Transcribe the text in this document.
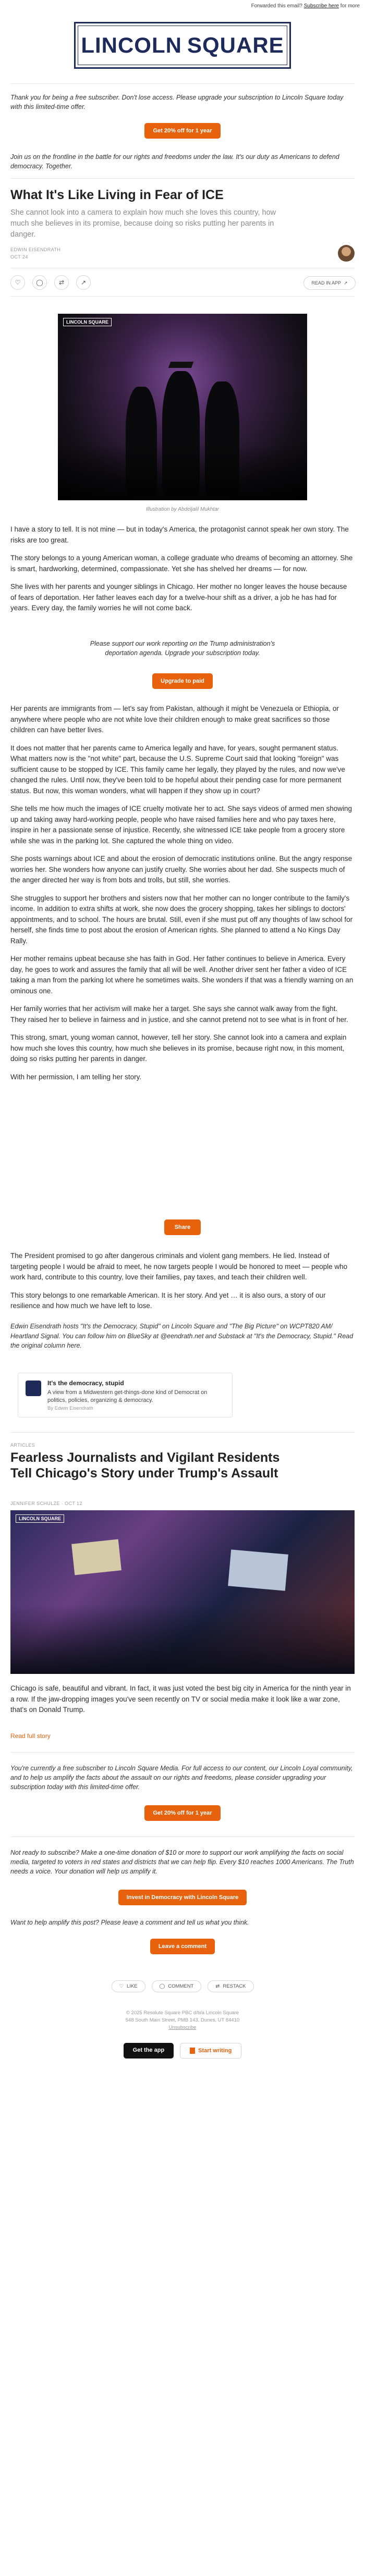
Forwarded this email? Subscribe here for more
LINCOLN SQUARE
Thank you for being a free subscriber. Don't lose access. Please upgrade your subscription to Lincoln Square today with this limited-time offer.
Get 20% off for 1 year
Join us on the frontline in the battle for our rights and freedoms under the law. It's our duty as Americans to defend democracy. Together.
What It's Like Living in Fear of ICE
She cannot look into a camera to explain how much she loves this country, how much she believes in its promise, because doing so risks putting her parents in danger.
EDWIN EISENDRATH
OCT 24
♡	◯	⇄	↗	READ IN APP ↗
LINCOLN SQUARE
Illustration by Abdeljalil Mukhtar

I have a story to tell. It is not mine — but in today's America, the protagonist cannot speak her own story. The risks are too great.

The story belongs to a young American woman, a college graduate who dreams of becoming an attorney. She is smart, hardworking, determined, compassionate. Yet she has shelved her dreams — for now.

She lives with her parents and younger siblings in Chicago. Her mother no longer leaves the house because of fears of deportation. Her father leaves each day for a twelve-hour shift as a driver, a job he has had for years. Every day, the family worries he will not come back.

Please support our work reporting on the Trump administration's deportation agenda. Upgrade your subscription today.
Upgrade to paid

Her parents are immigrants from — let's say from Pakistan, although it might be Venezuela or Ethiopia, or anywhere where people who are not white love their children enough to make great sacrifices so those children can have better lives.

It does not matter that her parents came to America legally and have, for years, sought permanent status. What matters now is the "not white" part, because the U.S. Supreme Court said that looking "foreign" was sufficient cause to be stopped by ICE. This family came her legally, they played by the rules, and now we've changed the rules. Until now, they've been told to be hopeful about their pending case for more permanent status. But now, this woman wonders, what will happen if they show up in court?

She tells me how much the images of ICE cruelty motivate her to act. She says videos of armed men showing up and taking away hard-working people, people who have raised families here and who pay taxes here, inspire in her a passionate sense of injustice. Recently, she witnessed ICE take people from a grocery store while she was in the parking lot. She captured the whole thing on video.

She posts warnings about ICE and about the erosion of democratic institutions online. But the angry response worries her. She wonders how anyone can justify cruelty. She worries about her dad. She suspects much of the anger directed her way is from bots and trolls, but still, she worries.

She struggles to support her brothers and sisters now that her mother can no longer contribute to the family's income. In addition to extra shifts at work, she now does the grocery shopping, takes her siblings to doctors' appointments, and to school. The hours are brutal. Still, even if she must put off any thoughts of law school for herself, she finds time to post about the erosion of American rights. She planned to attend a No Kings Day Rally.

Her mother remains upbeat because she has faith in God. Her father continues to believe in America. Every day, he goes to work and assures the family that all will be well. Another driver sent her father a video of ICE taking a man from the parking lot where he sometimes waits. She wonders if that was a friendly warning on an ominous one.

Her family worries that her activism will make her a target. She says she cannot walk away from the fight. They raised her to believe in fairness and in justice, and she cannot pretend not to see what is in front of her.

This strong, smart, young woman cannot, however, tell her story. She cannot look into a camera and explain how much she loves this country, how much she believes in its promise, because right now, in this moment, doing so risks putting her parents in danger.

With her permission, I am telling her story.

Share

The President promised to go after dangerous criminals and violent gang members. He lied. Instead of targeting people I would be afraid to meet, he now targets people I would be honored to meet — people who work hard, contribute to this country, love their families, pay taxes, and teach their children well.

This story belongs to one remarkable American. It is her story. And yet … it is also ours, a story of our resilience and how much we have left to lose.

Edwin Eisendrath hosts "It's the Democracy, Stupid" on Lincoln Square and "The Big Picture" on WCPT820 AM/ Heartland Signal. You can follow him on BlueSky at @eendrath.net and Substack at "It's the Democracy, Stupid." Read the original column here.
It's the democracy, stupid
A view from a Midwestern get-things-done kind of Democrat on politics, policies, organizing & democracy.
By Edwin Eisendrath
ARTICLES
Fearless Journalists and Vigilant Residents Tell Chicago's Story under Trump's Assault
JENNIFER SCHULZE · OCT 12
LINCOLN SQUARE

Chicago is safe, beautiful and vibrant. In fact, it was just voted the best big city in America for the ninth year in a row. If the jaw-dropping images you've seen recently on TV or social media make it look like a war zone, that's on Donald Trump.

Read full story
You're currently a free subscriber to Lincoln Square Media. For full access to our content, our Lincoln Loyal community, and to help us amplify the facts about the assault on our rights and freedoms, please consider upgrading your subscription today with this limited-time offer.
Get 20% off for 1 year
Not ready to subscribe? Make a one-time donation of $10 or more to support our work amplifying the facts on social media, targeted to voters in red states and districts that we can help flip. Every $10 reaches 1000 Americans. The Truth needs a voice. Your donation will help us amplify it.
Invest in Democracy with Lincoln Square
Want to help amplify this post? Please leave a comment and tell us what you think.
Leave a comment
♡ LIKE	◯ COMMENT	⇄ RESTACK
© 2025 Resolute Square PBC d/b/a Lincoln Square
548 South Main Street, PMB 143, Dunes, UT 84410
Unsubscribe
Get the app	Start writing
